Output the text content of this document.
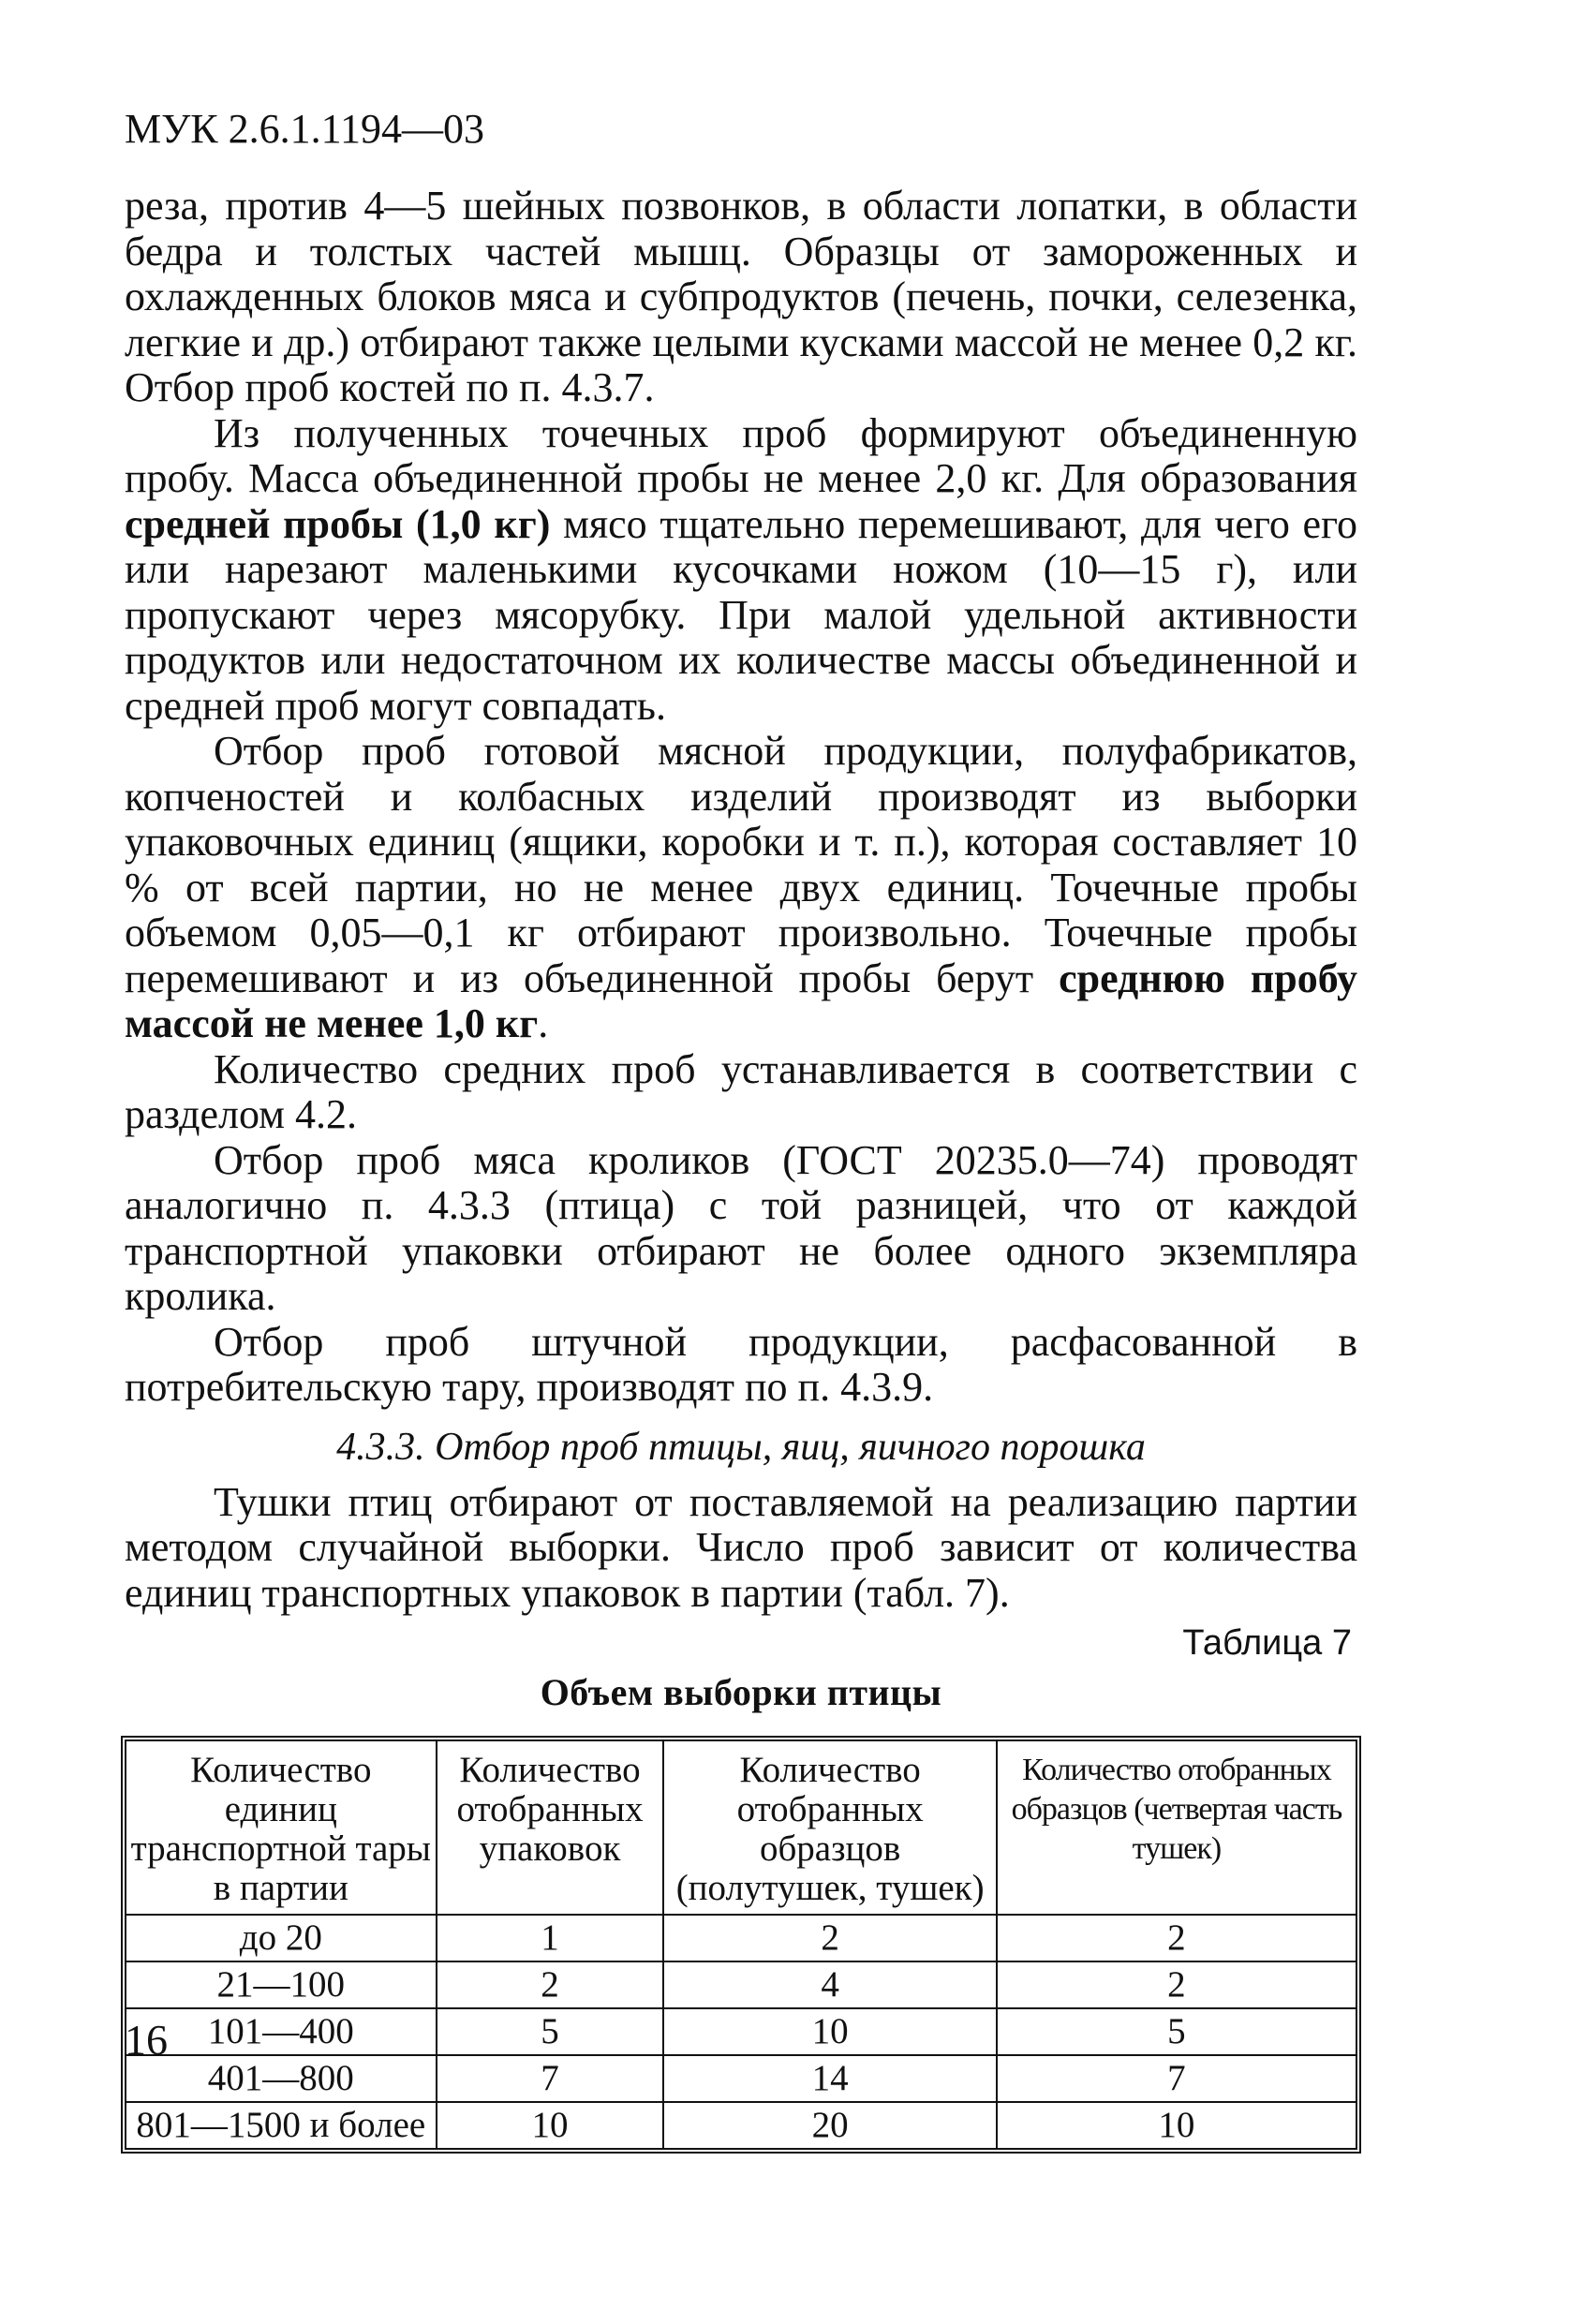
МУК 2.6.1.1194—03

реза, против 4—5 шейных позвонков, в области лопатки, в области бедра и толстых частей мышц. Образцы от замороженных и охлажденных блоков мяса и субпродуктов (печень, почки, селезенка, легкие и др.) отбирают также целыми кусками массой не менее 0,2 кг. Отбор проб костей по п. 4.3.7.

Из полученных точечных проб формируют объединенную пробу. Масса объединенной пробы не менее 2,0 кг. Для образования средней пробы (1,0 кг) мясо тщательно перемешивают, для чего его или нарезают маленькими кусочками ножом (10—15 г), или пропускают через мясорубку. При малой удельной активности продуктов или недостаточном их количестве массы объединенной и средней проб могут совпадать.

Отбор проб готовой мясной продукции, полуфабрикатов, копченостей и колбасных изделий производят из выборки упаковочных единиц (ящики, коробки и т. п.), которая составляет 10 % от всей партии, но не менее двух единиц. Точечные пробы объемом 0,05—0,1 кг отбирают произвольно. Точечные пробы перемешивают и из объединенной пробы берут среднюю пробу массой не менее 1,0 кг.

Количество средних проб устанавливается в соответствии с разделом 4.2.

Отбор проб мяса кроликов (ГОСТ 20235.0—74) проводят аналогично п. 4.3.3 (птица) с той разницей, что от каждой транспортной упаковки отбирают не более одного экземпляра кролика.

Отбор проб штучной продукции, расфасованной в потребительскую тару, производят по п. 4.3.9.

4.3.3. Отбор проб птицы, яиц, яичного порошка

Тушки птиц отбирают от поставляемой на реализацию партии методом случайной выборки. Число проб зависит от количества единиц транспортных упаковок в партии (табл. 7).

Таблица 7
Объем выборки птицы
Количество единиц транспортной тары в партии	Количество отобранных упаковок	Количество отобранных образцов (полутушек, тушек)	Количество отобранных образцов (четвертая часть тушек)
до 20	1	2	2
21—100	2	4	2
101—400	5	10	5
401—800	7	14	7
801—1500 и более	10	20	10
16
